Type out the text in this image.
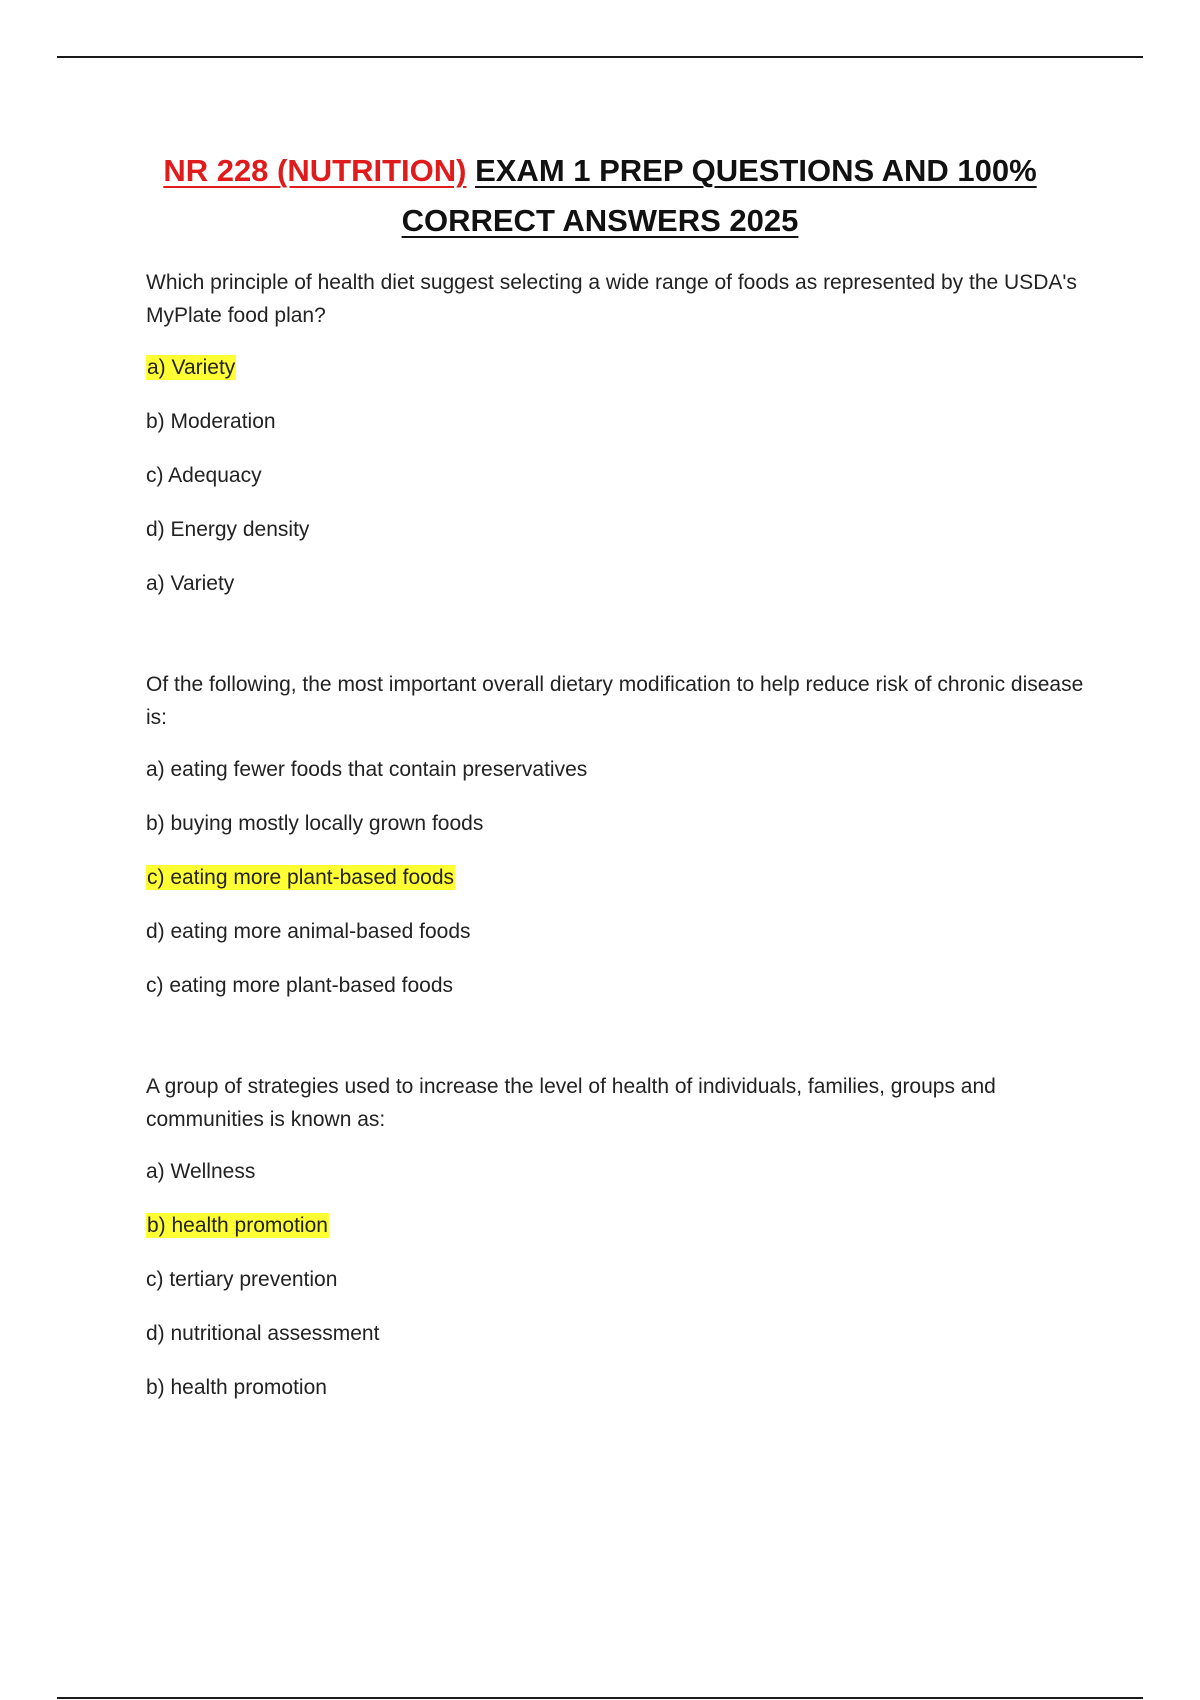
NR 228 (NUTRITION) EXAM 1 PREP QUESTIONS AND 100%
CORRECT ANSWERS 2025

Which principle of health diet suggest selecting a wide range of foods as represented by the USDA's MyPlate food plan?

a) Variety

b) Moderation

c) Adequacy

d) Energy density

a) Variety

Of the following, the most important overall dietary modification to help reduce risk of chronic disease is:

a) eating fewer foods that contain preservatives

b) buying mostly locally grown foods

c) eating more plant-based foods

d) eating more animal-based foods

c) eating more plant-based foods

A group of strategies used to increase the level of health of individuals, families, groups and communities is known as:

a) Wellness

b) health promotion

c) tertiary prevention

d) nutritional assessment

b) health promotion
